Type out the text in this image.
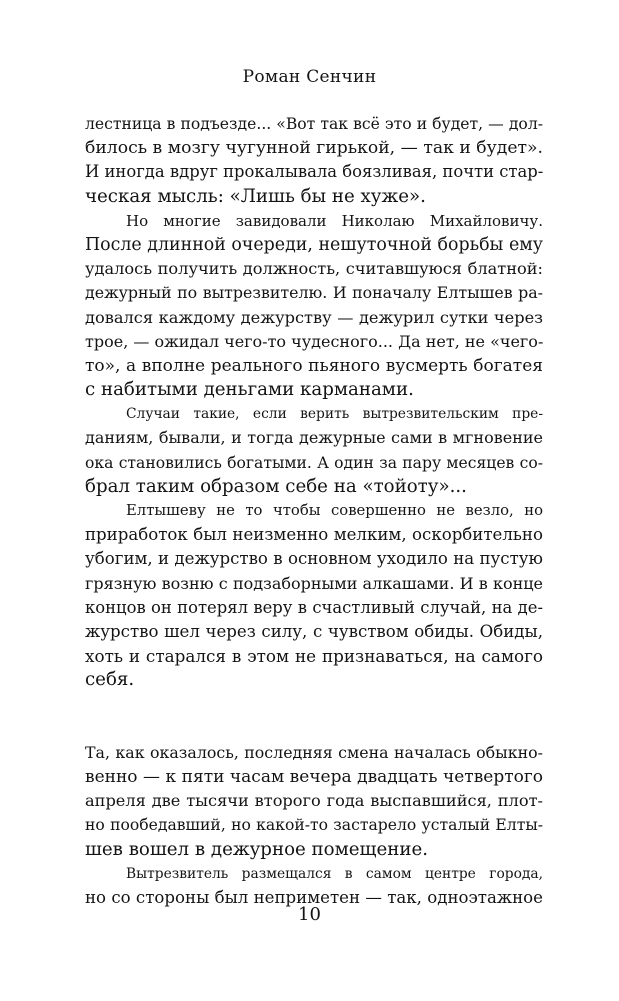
Роман Сенчин
лестница в подъезде... «Вот так всё это и будет, — дол-
билось в мозгу чугунной гирькой, — так и будет».
И иногда вдруг прокалывала боязливая, почти стар-
ческая мысль: «Лишь бы не хуже».
Но многие завидовали Николаю Михайловичу.
После длинной очереди, нешуточной борьбы ему
удалось получить должность, считавшуюся блатной:
дежурный по вытрезвителю. И поначалу Елтышев ра-
довался каждому дежурству — дежурил сутки через
трое, — ожидал чего-то чудесного... Да нет, не «чего-
то», а вполне реального пьяного вусмерть богатея
с набитыми деньгами карманами.
Случаи такие, если верить вытрезвительским пре-
даниям, бывали, и тогда дежурные сами в мгновение
ока становились богатыми. А один за пару месяцев со-
брал таким образом себе на «тойоту»...
Елтышеву не то чтобы совершенно не везло, но
приработок был неизменно мелким, оскорбительно
убогим, и дежурство в основном уходило на пустую
грязную возню с подзаборными алкашами. И в конце
концов он потерял веру в счастливый случай, на де-
журство шел через силу, с чувством обиды. Обиды,
хоть и старался в этом не признаваться, на самого
себя.
Та, как оказалось, последняя смена началась обыкно-
венно — к пяти часам вечера двадцать четвертого
апреля две тысячи второго года выспавшийся, плот-
но пообедавший, но какой-то застарело усталый Елты-
шев вошел в дежурное помещение.
Вытрезвитель размещался в самом центре города,
но со стороны был неприметен — так, одноэтажное
10
